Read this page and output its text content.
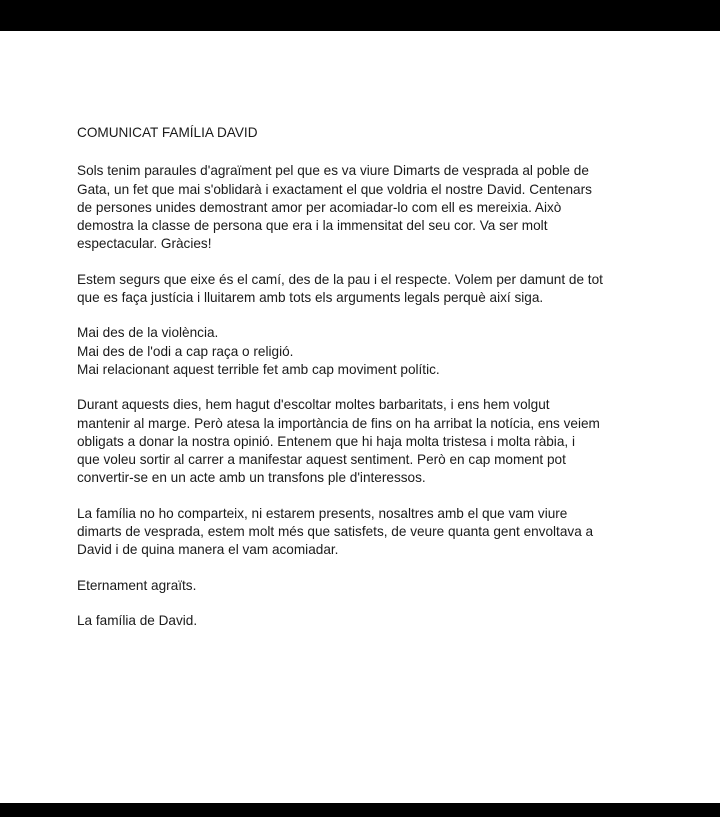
COMUNICAT FAMÍLIA DAVID

Sols tenim paraules d'agraïment pel que es va viure Dimarts de vesprada al poble de
Gata, un fet que mai s'oblidarà i exactament el que voldria el nostre David. Centenars
de persones unides demostrant amor per acomiadar-lo com ell es mereixia. Això
demostra la classe de persona que era i la immensitat del seu cor. Va ser molt
espectacular. Gràcies!

Estem segurs que eixe és el camí, des de la pau i el respecte. Volem per damunt de tot
que es faça justícia i lluitarem amb tots els arguments legals perquè així siga.

Mai des de la violència.
Mai des de l'odi a cap raça o religió.
Mai relacionant aquest terrible fet amb cap moviment polític.

Durant aquests dies, hem hagut d'escoltar moltes barbaritats, i ens hem volgut
mantenir al marge. Però atesa la importància de fins on ha arribat la notícia, ens veiem
obligats a donar la nostra opinió. Entenem que hi haja molta tristesa i molta ràbia, i
que voleu sortir al carrer a manifestar aquest sentiment. Però en cap moment pot
convertir-se en un acte amb un transfons ple d'interessos.

La família no ho comparteix, ni estarem presents, nosaltres amb el que vam viure
dimarts de vesprada, estem molt més que satisfets, de veure quanta gent envoltava a
David i de quina manera el vam acomiadar.

Eternament agraïts.

La família de David.
